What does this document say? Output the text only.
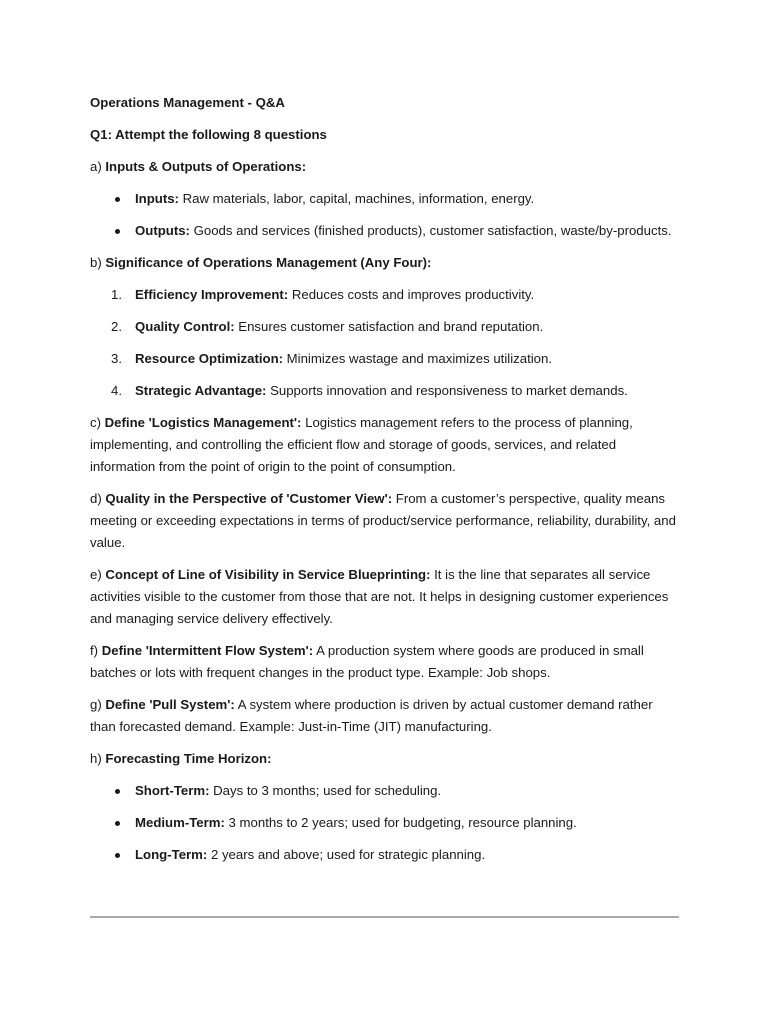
Operations Management - Q&A

Q1: Attempt the following 8 questions

a) Inputs & Outputs of Operations:

Inputs: Raw materials, labor, capital, machines, information, energy.
Outputs: Goods and services (finished products), customer satisfaction, waste/by-products.

b) Significance of Operations Management (Any Four):

1. Efficiency Improvement: Reduces costs and improves productivity.
2. Quality Control: Ensures customer satisfaction and brand reputation.
3. Resource Optimization: Minimizes wastage and maximizes utilization.
4. Strategic Advantage: Supports innovation and responsiveness to market demands.

c) Define 'Logistics Management': Logistics management refers to the process of planning, implementing, and controlling the efficient flow and storage of goods, services, and related information from the point of origin to the point of consumption.

d) Quality in the Perspective of 'Customer View': From a customer’s perspective, quality means meeting or exceeding expectations in terms of product/service performance, reliability, durability, and value.

e) Concept of Line of Visibility in Service Blueprinting: It is the line that separates all service activities visible to the customer from those that are not. It helps in designing customer experiences and managing service delivery effectively.

f) Define 'Intermittent Flow System': A production system where goods are produced in small batches or lots with frequent changes in the product type. Example: Job shops.

g) Define 'Pull System': A system where production is driven by actual customer demand rather than forecasted demand. Example: Just-in-Time (JIT) manufacturing.

h) Forecasting Time Horizon:

Short-Term: Days to 3 months; used for scheduling.
Medium-Term: 3 months to 2 years; used for budgeting, resource planning.
Long-Term: 2 years and above; used for strategic planning.
